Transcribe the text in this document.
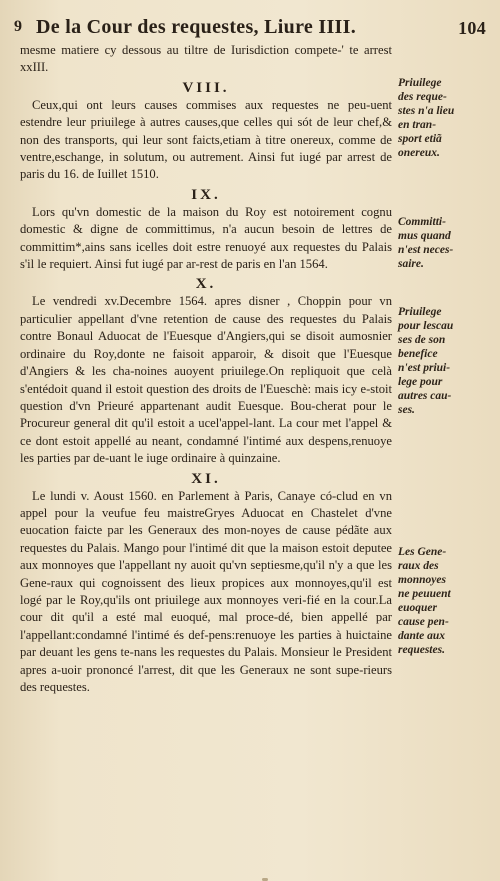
9 De la Cour des requestes, Liure IIII.	104

mesme matiere cy dessous au tiltre de Iurisdiction compete-' te arrest xxIII.

VIII.

Ceux,qui ont leurs causes commises aux requestes ne peu-uent estendre leur priuilege à autres causes,que celles qui sót de leur chef,& non des transports, qui leur sont faicts,etiam à titre onereux, comme de ventre,eschange, in solutum, ou autrement. Ainsi fut iugé par arrest de paris du 16. de Iuillet 1510.

IX.

Lors qu'vn domestic de la maison du Roy est notoirement cognu domestic & digne de committimus, n'a aucun besoin de lettres de committim*,ains sans icelles doit estre renuoyé aux requestes du Palais s'il le requiert. Ainsi fut iugé par ar-rest de paris en l'an 1564.

X.

Le vendredi xv.Decembre 1564. apres disner , Choppin pour vn particulier appellant d'vne retention de cause des requestes du Palais contre Bonaul Aduocat de l'Euesque d'Angiers,qui se disoit aumosnier ordinaire du Roy,donte ne faisoit apparoir, & disoit que l'Euesque d'Angiers & les cha-noines auoyent priuilege.On repliquoit que celà s'entédoit quand il estoit question des droits de l'Eueschè: mais icy e-stoit question d'vn Prieuré appartenant audit Euesque. Bou-cherat pour le Procureur general dit qu'il estoit a ucel'appel-lant. La cour met l'appel & ce dont estoit appellé au neant, condamné l'intimé aux despens,renuoye les parties par de-uant le iuge ordinaire à quinzaine.

XI.

Le lundi v. Aoust 1560. en Parlement à Paris, Canaye có-clud en vn appel pour la veufue feu maistreGryes Aduocat en Chastelet d'vne euocation faicte par les Generaux des mon-noyes de cause pédãte aux requestes du Palais. Mango pour l'intimé dit que la maison estoit deputee aux monnoyes que l'appellant ny auoit qu'vn septiesme,qu'il n'y a que les Gene-raux qui cognoissent des lieux propices aux monnoyes,qu'il est logé par le Roy,qu'ils ont priuilege aux monnoyes veri-fié en la cour.La cour dit qu'il a esté mal euoqué, mal proce-dé, bien appellé par l'appellant:condamné l'intimé és def-pens:renuoye les parties à huictaine par deuant les gens te-nans les requestes du Palais. Monsieur le President apres a-uoir prononcé l'arrest, dit que les Generaux ne sont supe-rieurs des requestes.

Priuilege
des reque-
stes n'a lieu
en tran-
sport etiã
onereux.
Committi-
mus quand
n'est neces-
saire.
Priuilege
pour lescau
ses de son
benefice
n'est priui-
lege pour
autres cau-
ses.
Les Gene-
raux des
monnoyes
ne peuuent
euoquer
cause pen-
dante aux
requestes.
